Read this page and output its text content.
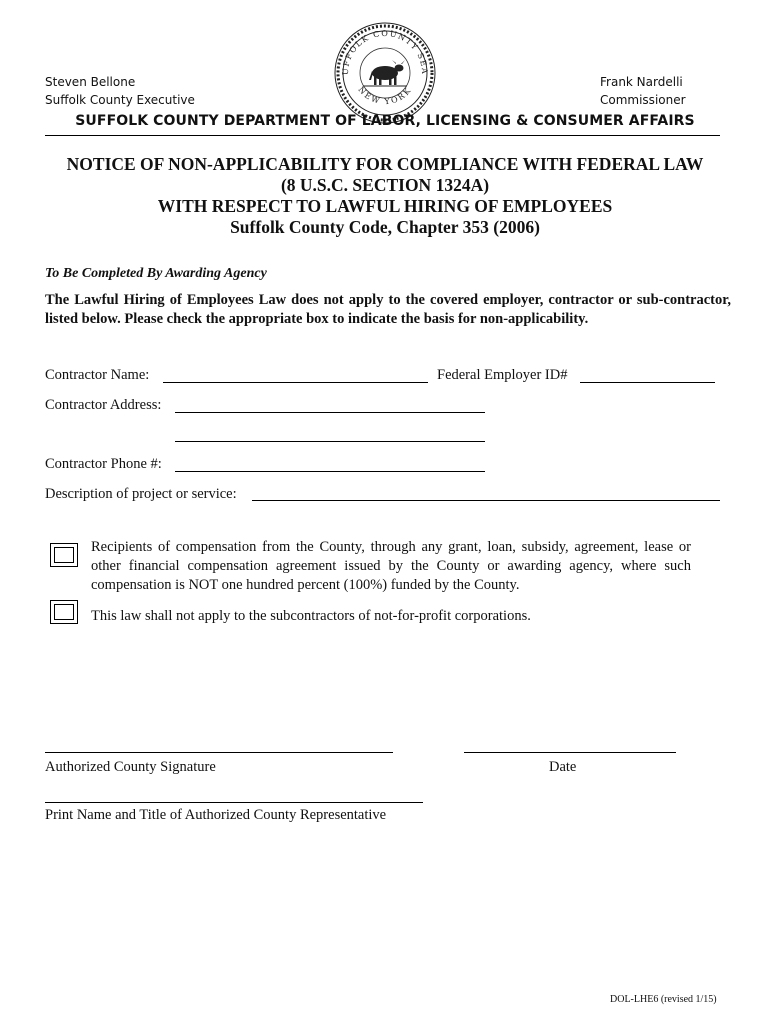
Steven Bellone
Suffolk County Executive
Frank Nardelli
Commissioner
UFFOLK COUNTY SEA
NEW YORK
SUFFOLK COUNTY DEPARTMENT OF LABOR, LICENSING & CONSUMER AFFAIRS
NOTICE OF NON-APPLICABILITY FOR COMPLIANCE WITH FEDERAL LAW
(8 U.S.C. SECTION 1324A)
WITH RESPECT TO LAWFUL HIRING OF EMPLOYEES
Suffolk County Code, Chapter 353 (2006)
To Be Completed By Awarding Agency
The Lawful Hiring of Employees Law does not apply to the covered employer, contractor or sub-contractor, listed below. Please check the appropriate box to indicate the basis for non-applicability.
Contractor Name:	Federal Employer ID#
Contractor Address:
Contractor Phone #:
Description of project or service:
Recipients of compensation from the County, through any grant, loan, subsidy, agreement, lease or other financial compensation agreement issued by the County or awarding agency, where such compensation is NOT one hundred percent (100%) funded by the County.
This law shall not apply to the subcontractors of not-for-profit corporations.
Authorized County Signature	Date
Print Name and Title of Authorized County Representative
DOL-LHE6 (revised 1/15)
